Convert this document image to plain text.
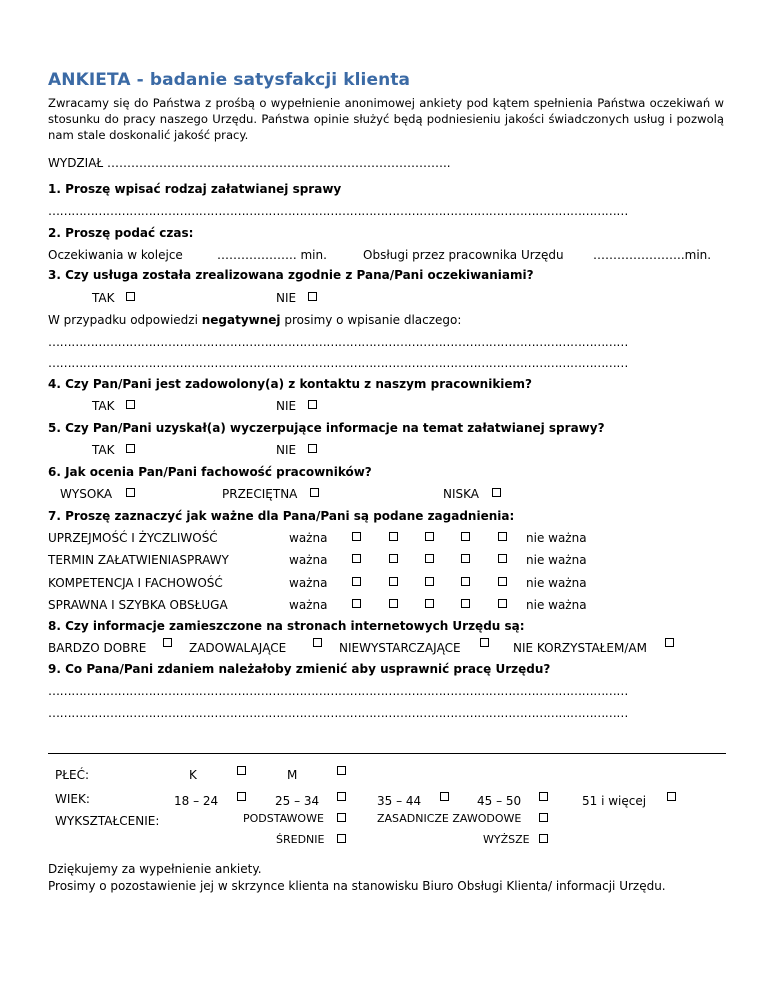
ANKIETA - badanie satysfakcji klienta
Zwracamy się do Państwa z prośbą o wypełnienie anonimowej ankiety pod kątem spełnienia Państwa oczekiwań w stosunku do pracy naszego Urzędu. Państwa opinie służyć będą podniesieniu jakości świadczonych usług i pozwolą nam stale doskonalić jakość pracy.
WYDZIAŁ …………………………………………………………………………..
1. Proszę wpisać rodzaj załatwianej sprawy
……………………………………………………………………………………………………………………………………
2. Proszę podać czas:
Oczekiwania w kolejce	……………….. min.	Obsługi przez pracownika Urzędu …………………..min.
3. Czy usługa została zrealizowana zgodnie z Pana/Pani oczekiwaniami?
TAK	NIE
W przypadku odpowiedzi negatywnej prosimy o wpisanie dlaczego:
……………………………………………………………………………………………………………………………………
……………………………………………………………………………………………………………………………………
4. Czy Pan/Pani jest zadowolony(a) z kontaktu z naszym pracownikiem?
TAK	NIE
5. Czy Pan/Pani uzyskał(a) wyczerpujące informacje na temat załatwianej sprawy?
TAK	NIE
6. Jak ocenia Pan/Pani fachowość pracowników?
WYSOKA	PRZECIĘTNA	NISKA
7. Proszę zaznaczyć jak ważne dla Pana/Pani są podane zagadnienia:
UPRZEJMOŚĆ I ŻYCZLIWOŚĆ	ważna	nie ważna
TERMIN ZAŁATWIENIASPRAWY	ważna	nie ważna
KOMPETENCJA I FACHOWOŚĆ	ważna	nie ważna
SPRAWNA I SZYBKA OBSŁUGA	ważna	nie ważna
8. Czy informacje zamieszczone na stronach internetowych Urzędu są:
BARDZO DOBRE	ZADOWALAJĄCE	NIEWYSTARCZAJĄCE	NIE KORZYSTAŁEM/AM
9. Co Pana/Pani zdaniem należałoby zmienić aby usprawnić pracę Urzędu?
……………………………………………………………………………………………………………………………………
……………………………………………………………………………………………………………………………………
PŁEĆ:	K	M
WIEK:	18 – 24	25 – 34	35 – 44	45 – 50	51 i więcej
WYKSZTAŁCENIE:	PODSTAWOWE	ZASADNICZE ZAWODOWE
ŚREDNIE	WYŻSZE
Dziękujemy za wypełnienie ankiety.
Prosimy o pozostawienie jej w skrzynce klienta na stanowisku Biuro Obsługi Klienta/ informacji Urzędu.
